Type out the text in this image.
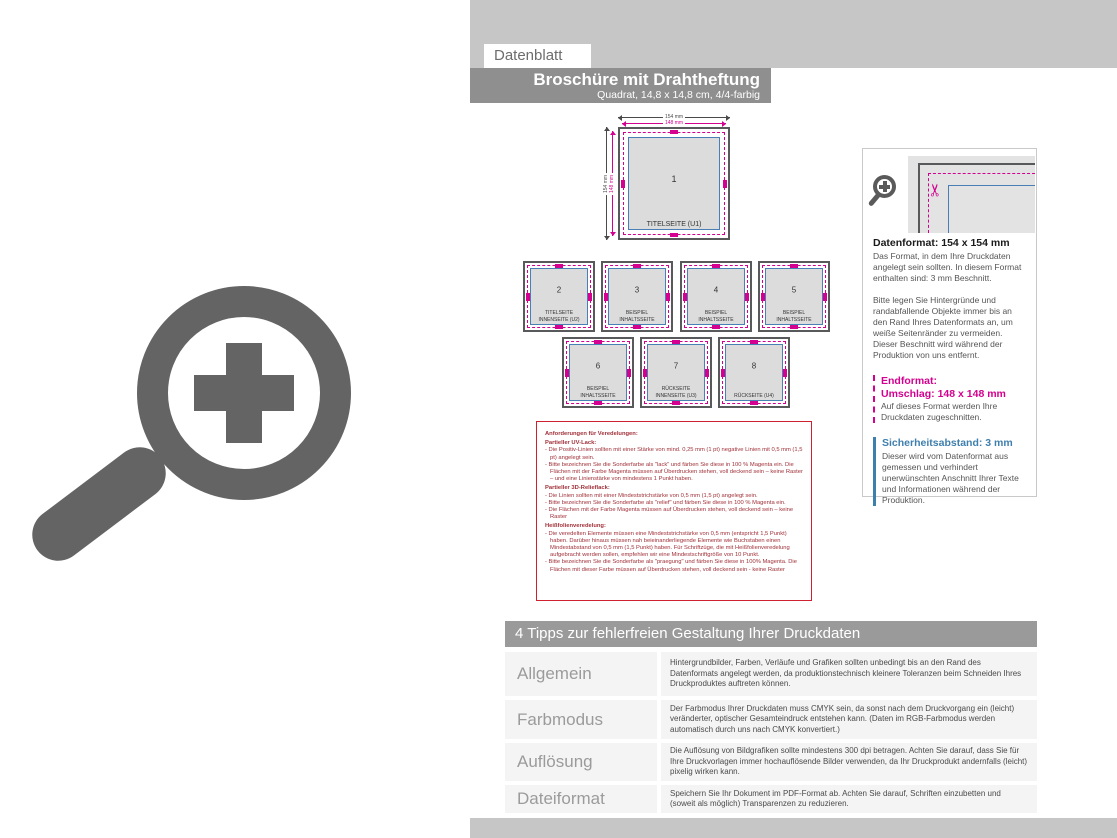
Datenblatt
Broschüre mit Drahtheftung
Quadrat, 14,8 x 14,8 cm, 4/4-farbig
154 mm
148 mm
154 mm 148 mm	1
TITELSEITE (U1)
2
TITELSEITE
INNENSEITE (U2)
3
BEISPIEL
INHALTSSEITE
4
BEISPIEL
INHALTSSEITE
5
BEISPIEL
INHALTSSEITE
6
BEISPIEL
INHALTSSEITE
7
RÜCKSEITE
INNENSEITE (U3)
8
RÜCKSEITE (U4)
Anforderungen für Veredelungen:
Partieller UV-Lack:
- Die Positiv-Linien sollten mit einer Stärke von mind. 0,25 mm (1 pt) negative Linien mit 0,5 mm (1,5 pt) angelegt sein.
- Bitte bezeichnen Sie die Sonderfarbe als "lack" und färben Sie diese in 100 % Magenta ein. Die Flächen mit der Farbe Magenta müssen auf Überdrucken stehen, voll deckend sein – keine Raster – und eine Linienstärke von mindestens 1 Punkt haben.
Partieller 3D-Relieflack:
- Die Linien sollten mit einer Mindeststrichstärke von 0,5 mm (1,5 pt) angelegt sein.
- Bitte bezeichnen Sie die Sonderfarbe als "relief" und färben Sie diese in 100 % Magenta ein.
- Die Flächen mit der Farbe Magenta müssen auf Überdrucken stehen, voll deckend sein – keine Raster
Heißfolienveredelung:
- Die veredelten Elemente müssen eine Mindeststrichstärke von 0,5 mm (entspricht 1,5 Punkt) haben. Darüber hinaus müssen nah beieinanderliegende Elemente wie Buchstaben einen Mindestabstand von 0,5 mm (1,5 Punkt) haben. Für Schriftzüge, die mit Heißfolienveredelung aufgebracht werden sollen, empfehlen wir eine Mindestschriftgröße von 10 Punkt.
- Bitte bezeichnen Sie die Sonderfarbe als "praegung" und färben Sie diese in 100% Magenta. Die Flächen mit dieser Farbe müssen auf Überdrucken stehen, voll deckend sein - keine Raster
✂
Datenformat: 154 x 154 mm

Das Format, in dem Ihre Druckdaten angelegt sein sollten. In diesem Format enthalten sind: 3 mm Beschnitt.

Bitte legen Sie Hintergründe und randabfallende Objekte immer bis an den Rand Ihres Datenformats an, um weiße Seitenränder zu vermeiden. Dieser Beschnitt wird während der Produktion von uns entfernt.

Endformat:
Umschlag: 148 x 148 mm
Auf dieses Format werden Ihre Druckdaten zugeschnitten.
Sicherheitsabstand: 3 mm
Dieser wird vom Datenformat aus gemessen und verhindert unerwünschten Anschnitt Ihrer Texte und Informationen während der Produktion.
4 Tipps zur fehlerfreien Gestaltung Ihrer Druckdaten
Allgemein
Hintergrundbilder, Farben, Verläufe und Grafiken sollten unbedingt bis an den Rand des Datenformats angelegt werden, da produktionstechnisch kleinere Toleranzen beim Schneiden Ihres Druckproduktes auftreten können.
Farbmodus
Der Farbmodus Ihrer Druckdaten muss CMYK sein, da sonst nach dem Druckvorgang ein (leicht) veränderter, optischer Gesamteindruck entstehen kann. (Daten im RGB-Farbmodus werden automatisch durch uns nach CMYK konvertiert.)
Auflösung
Die Auflösung von Bildgrafiken sollte mindestens 300 dpi betragen. Achten Sie darauf, dass Sie für Ihre Druckvorlagen immer hochauflösende Bilder verwenden, da Ihr Druckprodukt andernfalls (leicht) pixelig wirken kann.
Dateiformat	Speichern Sie Ihr Dokument im PDF-Format ab. Achten Sie darauf, Schriften einzubetten und (soweit als möglich) Transparenzen zu reduzieren.
